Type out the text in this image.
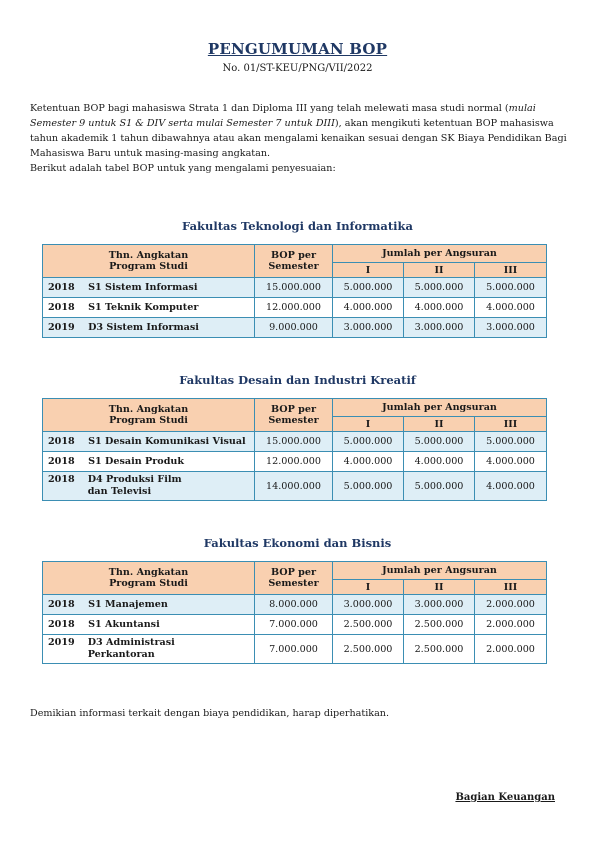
PENGUMUMAN BOP
No. 01/ST-KEU/PNG/VII/2022

Ketentuan BOP bagi mahasiswa Strata 1 dan Diploma III yang telah melewati masa studi normal (mulai Semester 9 untuk S1 & DIV serta mulai Semester 7 untuk DIII), akan mengikuti ketentuan BOP mahasiswa tahun akademik 1 tahun dibawahnya atau akan mengalami kenaikan sesuai dengan SK Biaya Pendidikan Bagi Mahasiswa Baru untuk masing-masing angkatan.

Berikut adalah tabel BOP untuk yang mengalami penyesuaian:

Fakultas Teknologi dan Informatika
Thn. Angkatan
Program Studi	BOP per
Semester	Jumlah per Angsuran		
		I	II	III
2018 S1 Sistem Informasi	15.000.000	5.000.000	5.000.000	5.000.000
2018 S1 Teknik Komputer	12.000.000	4.000.000	4.000.000	4.000.000
2019 D3 Sistem Informasi	9.000.000	3.000.000	3.000.000	3.000.000
Fakultas Desain dan Industri Kreatif
Thn. Angkatan
Program Studi	BOP per
Semester	Jumlah per Angsuran		
		I	II	III
2018 S1 Desain Komunikasi Visual	15.000.000	5.000.000	5.000.000	5.000.000
2018 S1 Desain Produk	12.000.000	4.000.000	4.000.000	4.000.000

2018 D4 Produksi Film dan Televisi	14.000.000	5.000.000	5.000.000	4.000.000
Fakultas Ekonomi dan Bisnis
Thn. Angkatan
Program Studi	BOP per
Semester	Jumlah per Angsuran		
		I	II	III
2018 S1 Manajemen	8.000.000	3.000.000	3.000.000	2.000.000
2018 S1 Akuntansi	7.000.000	2.500.000	2.500.000	2.000.000

2019 D3 Administrasi Perkantoran	7.000.000	2.500.000	2.500.000	2.000.000
Demikian informasi terkait dengan biaya pendidikan, harap diperhatikan.
Bagian Keuangan
